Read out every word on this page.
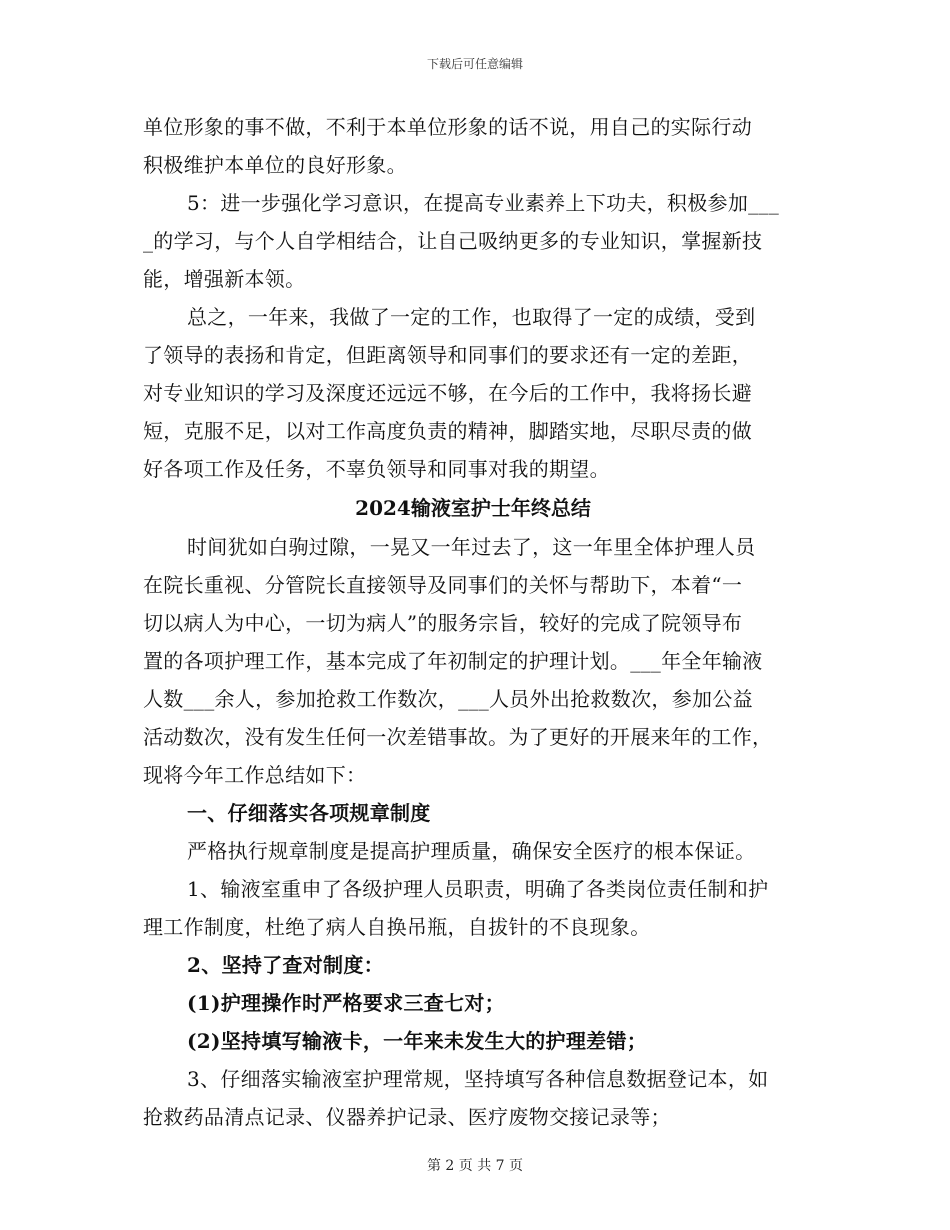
下载后可任意编辑
单位形象的事不做，不利于本单位形象的话不说，用自己的实际行动
积极维护本单位的良好形象。
5：进一步强化学习意识，在提高专业素养上下功夫，积极参加___
_的学习，与个人自学相结合，让自己吸纳更多的专业知识，掌握新技
能，增强新本领。
总之，一年来，我做了一定的工作，也取得了一定的成绩，受到
了领导的表扬和肯定，但距离领导和同事们的要求还有一定的差距，
对专业知识的学习及深度还远远不够，在今后的工作中，我将扬长避
短，克服不足，以对工作高度负责的精神，脚踏实地，尽职尽责的做
好各项工作及任务，不辜负领导和同事对我的期望。
2024输液室护士年终总结
时间犹如白驹过隙，一晃又一年过去了，这一年里全体护理人员
在院长重视、分管院长直接领导及同事们的关怀与帮助下，本着“一
切以病人为中心，一切为病人”的服务宗旨，较好的完成了院领导布
置的各项护理工作，基本完成了年初制定的护理计划。___年全年输液
人数___余人，参加抢救工作数次，___人员外出抢救数次，参加公益
活动数次，没有发生任何一次差错事故。为了更好的开展来年的工作，
现将今年工作总结如下：
一、仔细落实各项规章制度
严格执行规章制度是提高护理质量，确保安全医疗的根本保证。
1、输液室重申了各级护理人员职责，明确了各类岗位责任制和护
理工作制度，杜绝了病人自换吊瓶，自拔针的不良现象。
2、坚持了查对制度：
(1)护理操作时严格要求三查七对；
(2)坚持填写输液卡，一年来未发生大的护理差错；
3、仔细落实输液室护理常规，坚持填写各种信息数据登记本，如
抢救药品清点记录、仪器养护记录、医疗废物交接记录等；
第 2 页 共 7 页
